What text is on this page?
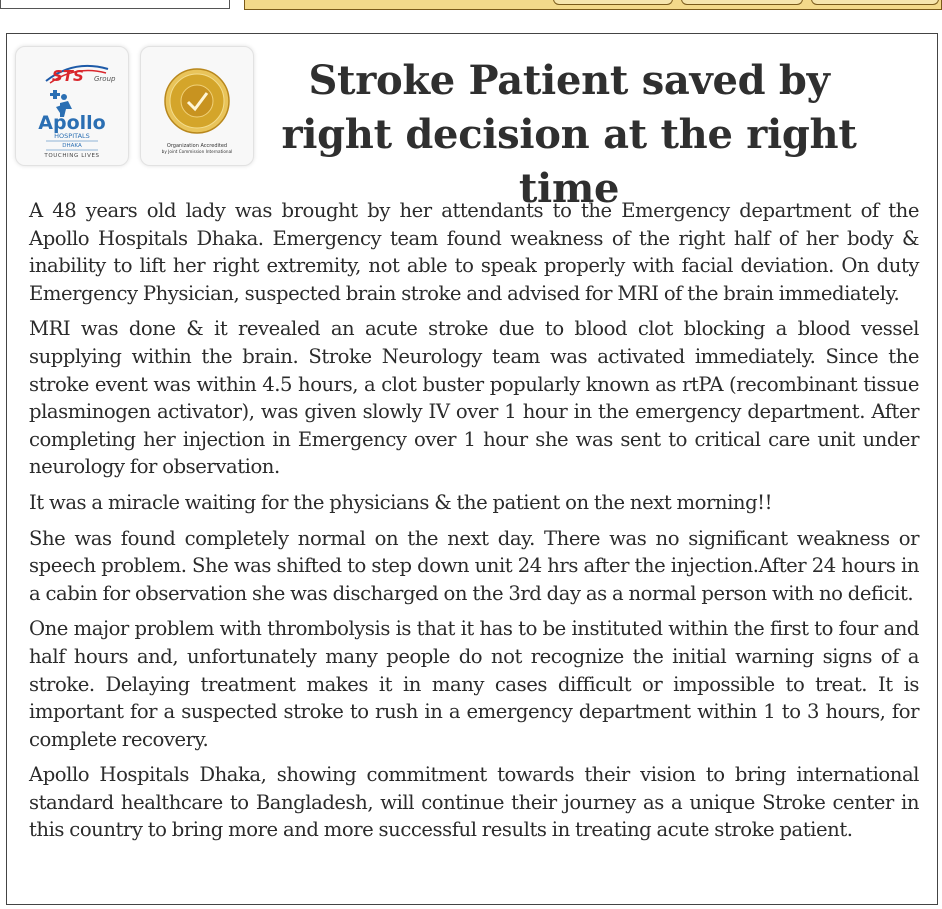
STS Group
Apollo
HOSPITALS
DHAKA
TOUCHING LIVES
Organization Accredited
by Joint Commission International
Stroke Patient saved by right decision at the right time

A 48 years old lady was brought by her attendants to the Emergency department of the Apollo Hospitals Dhaka. Emergency team found weakness of the right half of her body & inability to lift her right extremity, not able to speak properly with facial deviation. On duty Emergency Physician, suspected brain stroke and advised for MRI of the brain immediately.

MRI was done & it revealed an acute stroke due to blood clot blocking a blood vessel supplying within the brain. Stroke Neurology team was activated immediately. Since the stroke event was within 4.5 hours, a clot buster popularly known as rtPA (recombinant tissue plasminogen activator), was given slowly IV over 1 hour in the emergency department. After completing her injection in Emergency over 1 hour she was sent to critical care unit under neurology for observation.

It was a miracle waiting for the physicians & the patient on the next morning!!

She was found completely normal on the next day. There was no significant weakness or speech problem. She was shifted to step down unit 24 hrs after the injection.After 24 hours in a cabin for observation she was discharged on the 3rd day as a normal person with no deficit.

One major problem with thrombolysis is that it has to be instituted within the first to four and half hours and, unfortunately many people do not recognize the initial warning signs of a stroke. Delaying treatment makes it in many cases difficult or impossible to treat. It is important for a suspected stroke to rush in a emergency department within 1 to 3 hours, for complete recovery.

Apollo Hospitals Dhaka, showing commitment towards their vision to bring international standard healthcare to Bangladesh, will continue their journey as a unique Stroke center in this country to bring more and more successful results in treating acute stroke patient.
